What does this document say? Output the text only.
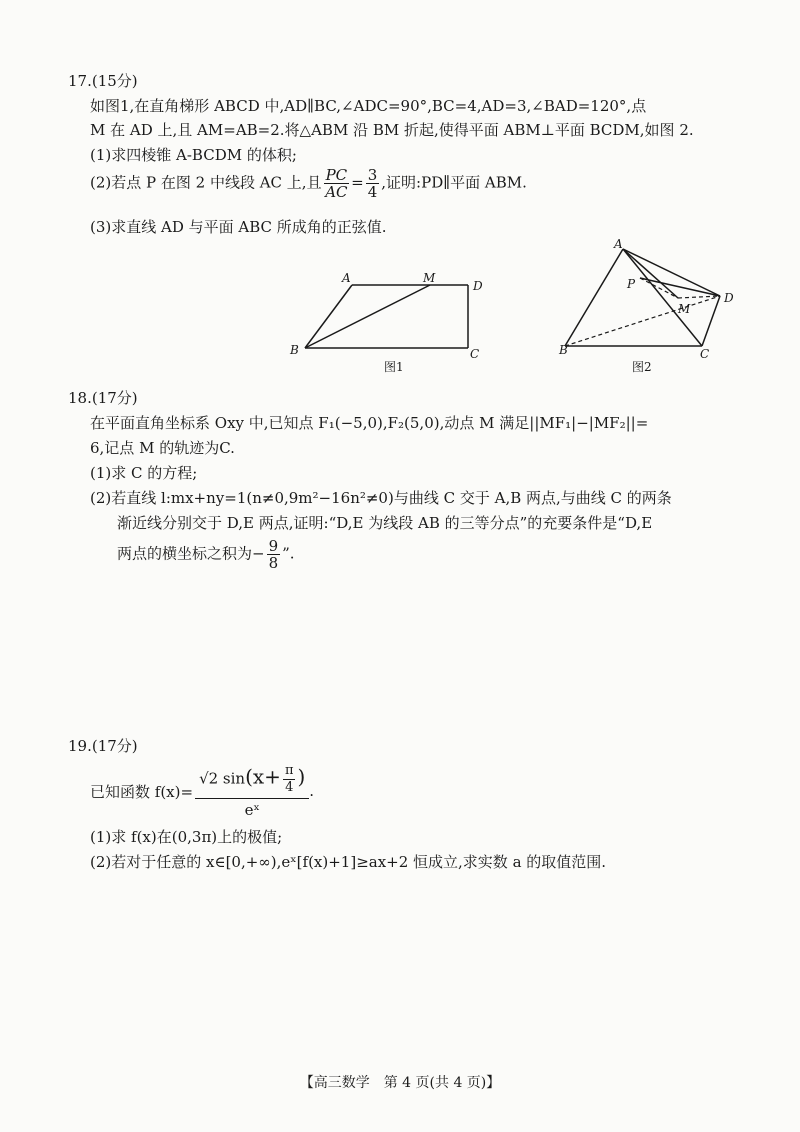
17.(15分)
如图1,在直角梯形 ABCD 中,AD∥BC,∠ADC=90°,BC=4,AD=3,∠BAD=120°,点
M 在 AD 上,且 AM=AB=2.将△ABM 沿 BM 折起,使得平面 ABM⊥平面 BCDM,如图 2.
(1)求四棱锥 A-BCDM 的体积;
(2)若点 P 在图 2 中线段 AC 上,且 $\frac{PC}{AC} = \frac{3}{4}$ ,证明:PD∥平面 ABM.
(3)求直线 AD 与平面 ABC 所成角的正弦值.
A	M
D
B	C
图1
A
P
D
M
B	C
图2
18.(17分)
在平面直角坐标系 Oxy 中,已知点 F₁(−5,0),F₂(5,0),动点 M 满足||MF₁|−|MF₂||=
6,记点 M 的轨迹为C.
(1)求 C 的方程;
(2)若直线 l:mx+ny=1(n≠0,9m²−16n²≠0)与曲线 C 交于 A,B 两点,与曲线 C 的两条
渐近线分别交于 D,E 两点,证明:“D,E 为线段 AB 的三等分点”的充要条件是“D,E
两点的横坐标之积为− $\frac{9}{8}$ ”.
19.(17分)
已知函数 $f(x)= \frac{√2 \sin(x+ \frac{\pi}{4} )}{\text{eˣ}}$ .
(1)求 f(x)在(0,3π)上的极值;
(2)若对于任意的 x∈[0,+∞),eˣ[f(x)+1]≥ax+2 恒成立,求实数 a 的取值范围.
【高三数学　第 4 页(共 4 页)】
